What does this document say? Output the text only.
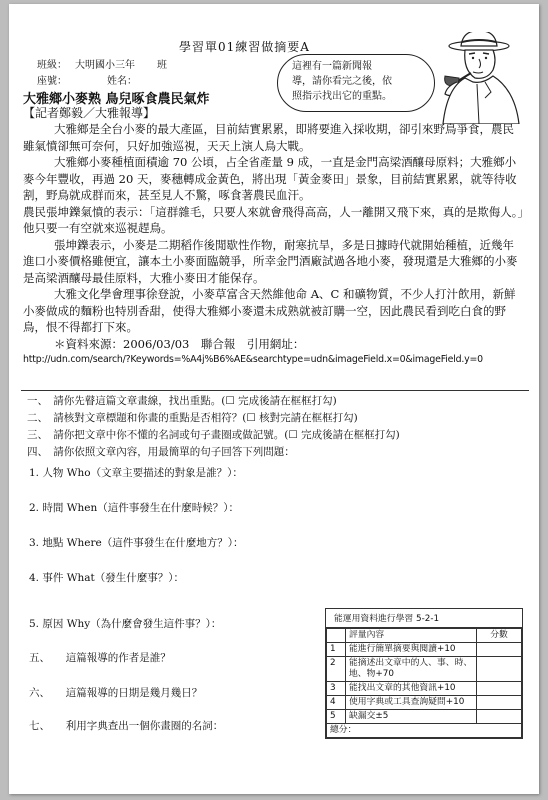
學習單01練習做摘要A
班級： 大明國小三年 班
座號：	姓名：
這裡有一篇新聞報
導，請你看完之後，依
照指示找出它的重點。
大雅鄉小麥熟 鳥兒啄食農民氣炸
【記者鄭毅／大雅報導】

大雅鄉是全台小麥的最大產區，目前結實累累，即將要進入採收期，卻引來野鳥爭食，農民雖氣憤卻無可奈何，只好加強巡視，天天上演人鳥大戰。

大雅鄉小麥種植面積逾 70 公頃，占全省產量 9 成，一直是金門高梁酒釀母原料；大雅鄉小麥今年豐收，再過 20 天，麥穗轉成金黃色，將出現「黃金麥田」景象，目前結實累累，就等待收割，野鳥就成群而來，甚至見人不驚，啄食著農民血汗。

農民張坤鑠氣憤的表示：「這群雜毛，只要人來就會飛得高高，人一離開又飛下來，真的是欺侮人。」他只要一有空就來巡視趕鳥。

張坤鑠表示，小麥是二期稻作後閒歇性作物，耐寒抗旱，多是日據時代就開始種植，近幾年進口小麥價格雖便宜，讓本土小麥面臨競爭，所幸金門酒廠試過各地小麥，發現還是大雅鄉的小麥是高梁酒釀母最佳原料，大雅小麥田才能保存。

大雅文化學會理事徐登說，小麥草富含天然維他命 A、C 和礦物質，不少人打汁飲用，新鮮小麥做成的麵粉也特別香甜，使得大雅鄉小麥還未成熟就被訂購一空，因此農民看到吃白食的野鳥，恨不得都打下來。

＊資料來源：2006/03/03　聯合報　引用網址：

http://udn.com/search/?Keywords=%A4j%B6%AE&searchtype=udn&imageField.x=0&imageField.y=0

一、　請你先瞽這篇文章畫線，找出重點。(☐ 完成後請在框框打勾)
二、　請核對文章標題和你畫的重點是否相符？(☐ 核對完請在框框打勾)
三、　請你把文章中你不懂的名詞或句子畫圈或做記號。(☐ 完成後請在框框打勾)
四、　請你依照文章內容，用最簡單的句子回答下列問題：
1. 人物 Who（文章主要描述的對象是誰？）：
2. 時間 When（這件事發生在什麼時候？）：
3. 地點 Where（這件事發生在什麼地方？）：
4. 事件 What（發生什麼事？）：
5. 原因 Why（為什麼會發生這件事？）：
五、　　這篇報導的作者是誰？
六、　　這篇報導的日期是幾月幾日？
七、　　利用字典查出一個你畫圈的名詞：
能運用資料進行學習 5-2-1
	評量內容	分數
1	能進行簡單摘要與閱讀+10	
2	能摘述出文章中的人、事、時、地、物+70	
3	能找出文章的其他資訊+10	
4	使用字典或工具查詢疑問+10	
5	缺漏交±5	
總分：		
